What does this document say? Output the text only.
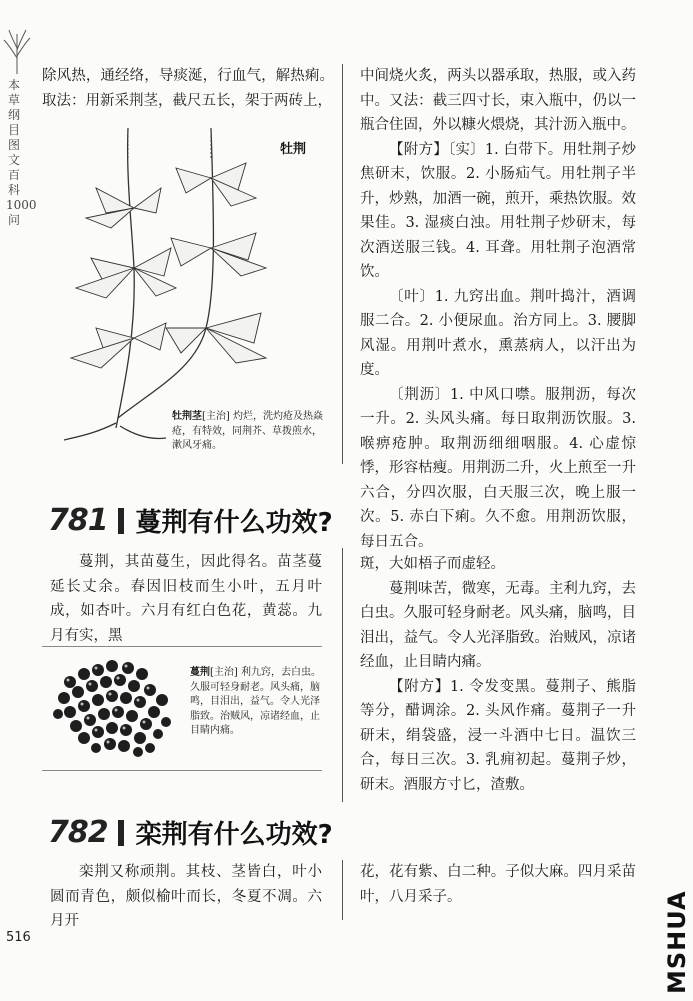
本草纲目图文百科1000问

除风热，通经络，导痰涎，行血气，解热痢。取法：用新采荆茎，截尺五长，架于两砖上，

牡荆
牡荆茎[主治] 灼烂，洗灼疮及热焱疮，有特效，同荆芥、草拨煎水，漱风牙痛。

中间烧火炙，两头以器承取，热服，或入药中。又法：截三四寸长，束入瓶中，仍以一瓶合住固，外以糠火煨烧，其汁沥入瓶中。

【附方】〔实〕1. 白带下。用牡荆子炒焦研末，饮服。2. 小肠疝气。用牡荆子半升，炒熟，加酒一碗，煎开，乘热饮服。效果佳。3. 湿痰白浊。用牡荆子炒研末，每次酒送服三钱。4. 耳聋。用牡荆子泡酒常饮。

〔叶〕1. 九窍出血。荆叶捣汁，酒调服二合。2. 小便尿血。治方同上。3. 腰脚风湿。用荆叶煮水，熏蒸病人，以汗出为度。

〔荆沥〕1. 中风口噤。服荆沥，每次一升。2. 头风头痛。每日取荆沥饮服。3. 喉痹疮肿。取荆沥细细咽服。4. 心虚惊悸，形容枯瘦。用荆沥二升，火上煎至一升六合，分四次服，白天服三次，晚上服一次。5. 赤白下痢。久不愈。用荆沥饮服，每日五合。

781 蔓荆有什么功效?

蔓荆，其苗蔓生，因此得名。苗茎蔓延长丈余。春因旧枝而生小叶，五月叶成，如杏叶。六月有红白色花，黄蕊。九月有实，黑

蔓荆[主治] 利九窍，去白虫。久服可轻身耐老。风头痛，脑鸣，目泪出，益气。令人光泽脂致。治贼风，凉诸经血，止目睛内痛。

斑，大如梧子而虚轻。

蔓荆味苦，微寒，无毒。主利九窍，去白虫。久服可轻身耐老。风头痛，脑鸣，目泪出，益气。令人光泽脂致。治贼风，凉诸经血，止目睛内痛。

【附方】1. 令发变黑。蔓荆子、熊脂等分，醋调涂。2. 头风作痛。蔓荆子一升研末，绢袋盛，浸一斗酒中七日。温饮三合，每日三次。3. 乳痈初起。蔓荆子炒，研末。酒服方寸匕，渣敷。

782 栾荆有什么功效?

栾荆又称顽荆。其枝、茎皆白，叶小圆而青色，颇似榆叶而长，冬夏不凋。六月开

花，花有紫、白二种。子似大麻。四月采苗叶，八月采子。

516	MSHUA
